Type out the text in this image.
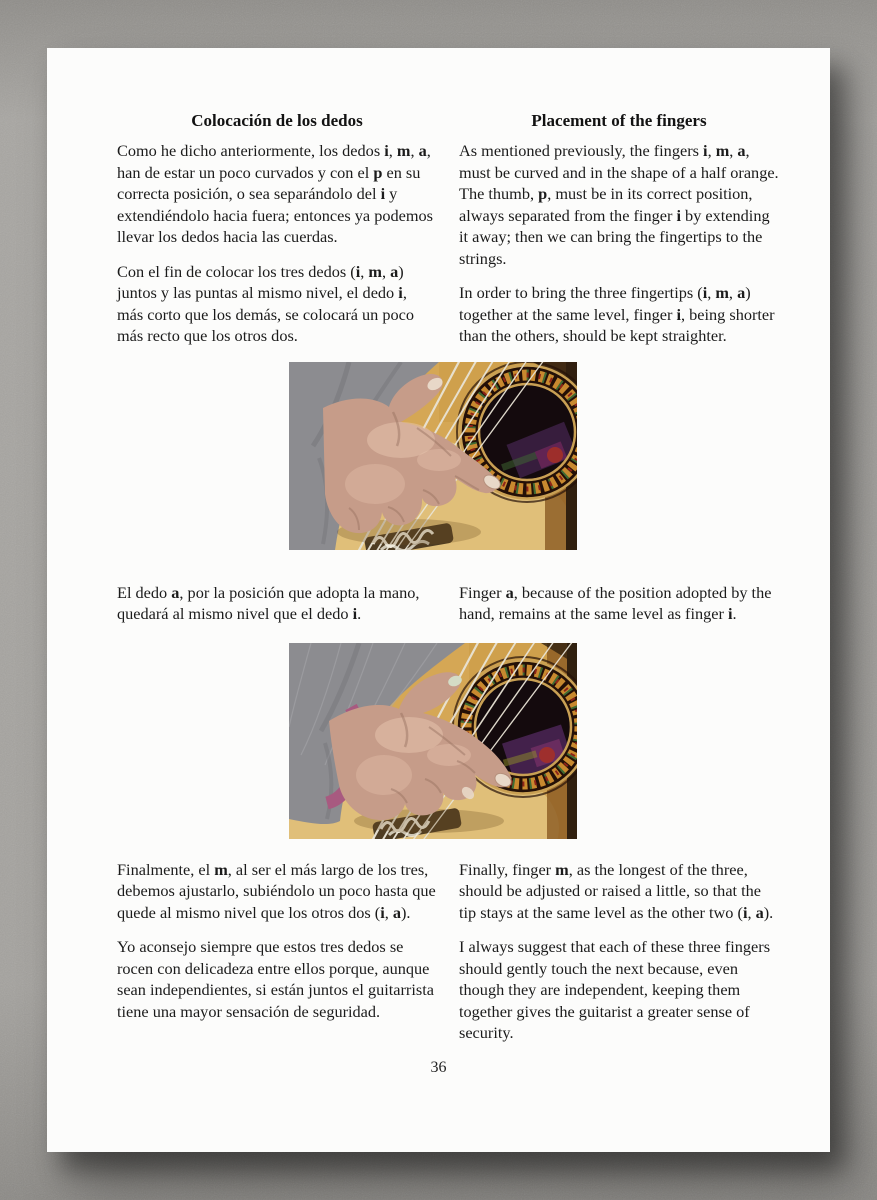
Colocación de los dedos

Como he dicho anteriormente, los dedos i, m, a, han de estar un poco curvados y con el p en su correcta posición, o sea separándolo del i y extendiéndolo hacia fuera; entonces ya podemos llevar los dedos hacia las cuerdas.

Con el fin de colocar los tres dedos (i, m, a) juntos y las puntas al mismo nivel, el dedo i, más corto que los demás, se colocará un poco más recto que los otros dos.

Placement of the fingers

As mentioned previously, the fingers i, m, a, must be curved and in the shape of a half orange. The thumb, p, must be in its correct position, always separated from the finger i by extending it away; then we can bring the fingertips to the strings.

In order to bring the three fingertips (i, m, a) together at the same level, finger i, being shorter than the others, should be kept straighter.

El dedo a, por la posición que adopta la mano, quedará al mismo nivel que el dedo i.

Finger a, because of the position adopted by the hand, remains at the same level as finger i.

Finalmente, el m, al ser el más largo de los tres, debemos ajustarlo, subiéndolo un poco hasta que quede al mismo nivel que los otros dos (i, a).

Yo aconsejo siempre que estos tres dedos se rocen con delicadeza entre ellos porque, aunque sean independientes, si están juntos el guitarrista tiene una mayor sensación de seguridad.

Finally, finger m, as the longest of the three, should be adjusted or raised a little, so that the tip stays at the same level as the other two (i, a).

I always suggest that each of these three fingers should gently touch the next because, even though they are independent, keeping them together gives the guitarist a greater sense of security.

36
